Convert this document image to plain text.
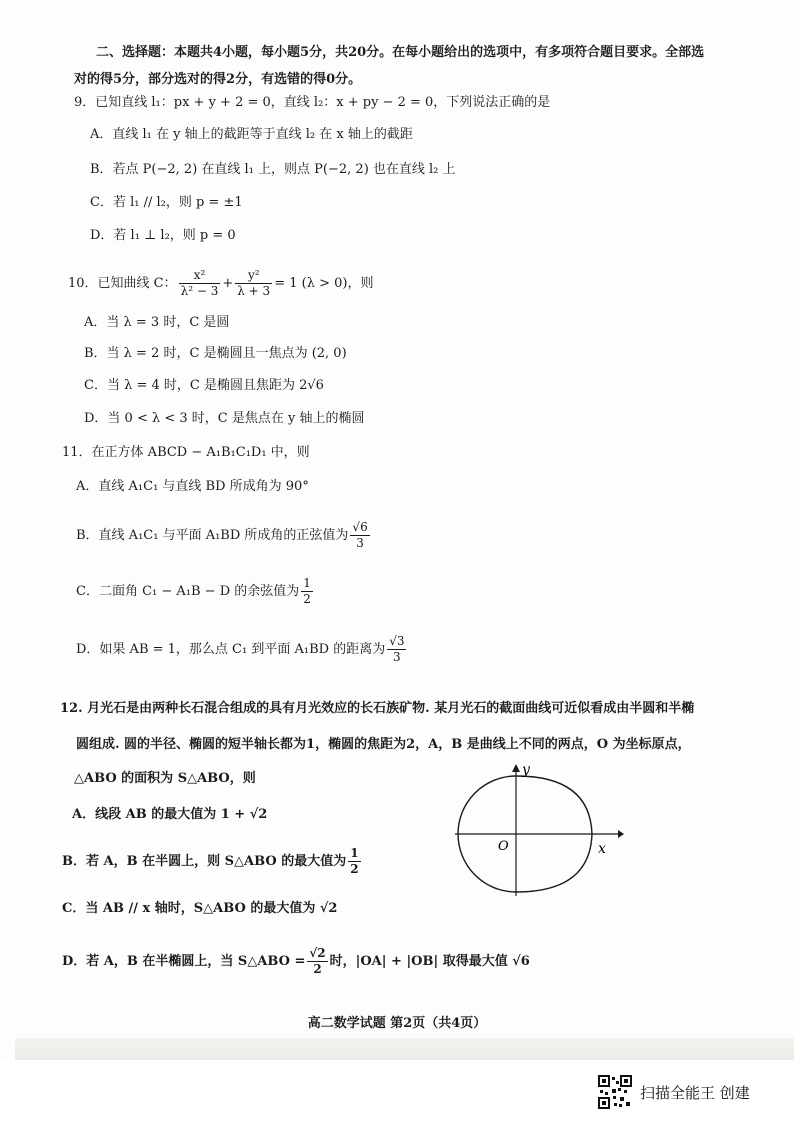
二、选择题：本题共4小题，每小题5分，共20分。在每小题给出的选项中，有多项符合题目要求。全部选
对的得5分，部分选对的得2分，有选错的得0分。
9．已知直线 l₁：px + y + 2 = 0，直线 l₂：x + py − 2 = 0，下列说法正确的是
A．直线 l₁ 在 y 轴上的截距等于直线 l₂ 在 x 轴上的截距
B．若点 P(−2, 2) 在直线 l₁ 上，则点 P(−2, 2) 也在直线 l₂ 上
C．若 l₁ // l₂，则 p = ±1
D．若 l₁ ⊥ l₂，则 p = 0
10．已知曲线 C： $\frac{\text{x²}}{\text{λ² − 3}} + \frac{\text{y²}}{\lambda + 3} = 1$ (λ > 0)，则
A．当 λ = 3 时，C 是圆
B．当 λ = 2 时，C 是椭圆且一焦点为 (2, 0)
C．当 λ = 4 时，C 是椭圆且焦距为 2√6
D．当 0 < λ < 3 时，C 是焦点在 y 轴上的椭圆
11．在正方体 ABCD − A₁B₁C₁D₁ 中，则
A．直线 A₁C₁ 与直线 BD 所成角为 90°
B．直线 A₁C₁ 与平面 A₁BD 所成角的正弦值为 $\frac{√6}{3}$
C．二面角 C₁ − A₁B − D 的余弦值为 $\frac{1}{2}$
D．如果 AB = 1，那么点 C₁ 到平面 A₁BD 的距离为 $\frac{√3}{3}$
12. 月光石是由两种长石混合组成的具有月光效应的长石族矿物. 某月光石的截面曲线可近似看成由半圆和半椭
圆组成. 圆的半径、椭圆的短半轴长都为1，椭圆的焦距为2，A，B 是曲线上不同的两点，O 为坐标原点，
△ABO 的面积为 S△ABO，则
A．线段 AB 的最大值为 1 + √2
B．若 A，B 在半圆上，则 S△ABO 的最大值为 $\frac{1}{2}$
C．当 AB // x 轴时，S△ABO 的最大值为 √2
D．若 A，B 在半椭圆上，当 S△ABO = $\frac{√2}{2}$ 时，|OA| + |OB| 取得最大值 √6
y
x
O
高二数学试题 第2页（共4页）
扫描全能王 创建
